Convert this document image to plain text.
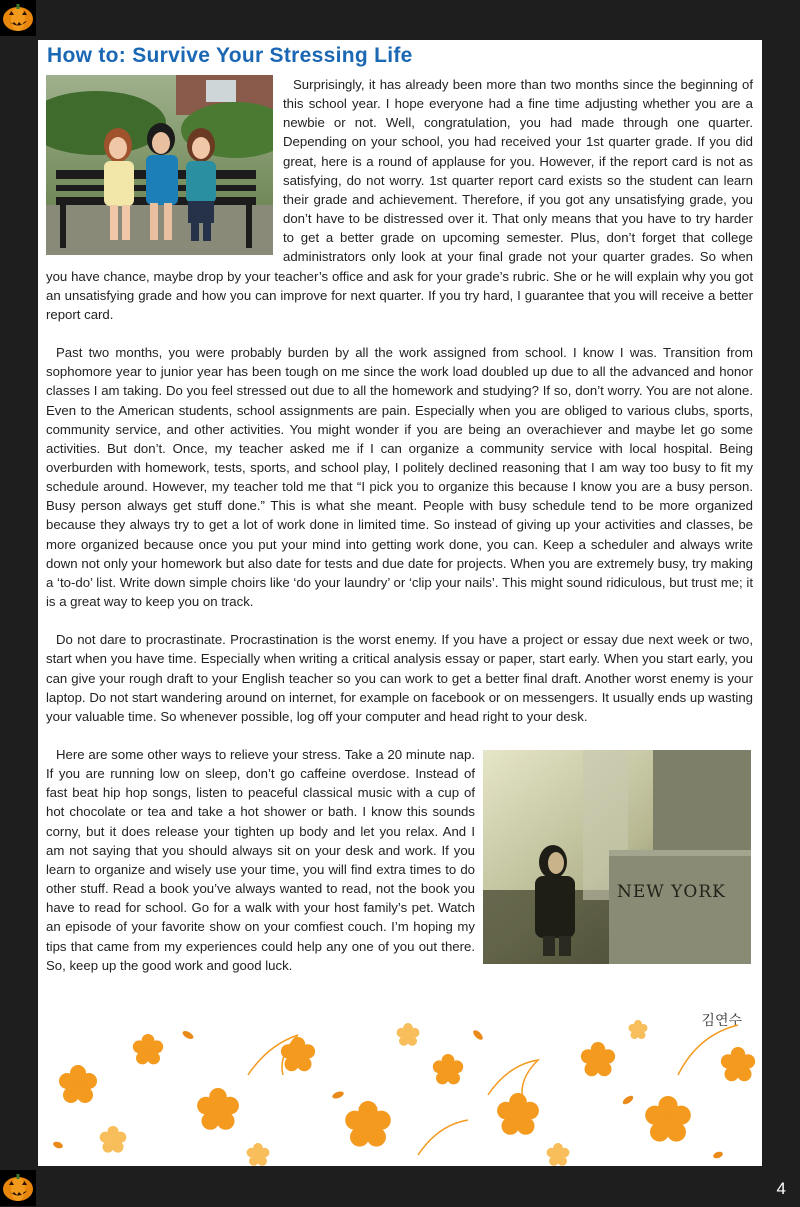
How to: Survive Your Stressing Life

Surprisingly, it has already been more than two months since the beginning of this school year. I hope everyone had a fine time adjusting whether you are a newbie or not. Well, congratulation, you had made through one quarter. Depending on your school, you had received your 1st quarter grade. If you did great, here is a round of applause for you. However, if the report card is not as satisfying, do not worry. 1st quarter report card exists so the student can learn their grade and achievement. Therefore, if you got any unsatisfying grade, you don’t have to be distressed over it. That only means that you have to try harder to get a better grade on upcoming semester. Plus, don’t forget that college administrators only look at your final grade not your quarter grades. So when you have chance, maybe drop by your teacher’s office and ask for your grade’s rubric. She or he will explain why you got an unsatisfying grade and how you can improve for next quarter. If you try hard, I guarantee that you will receive a better report card.

Past two months, you were probably burden by all the work assigned from school. I know I was. Transition from sophomore year to junior year has been tough on me since the work load doubled up due to all the advanced and honor classes I am taking. Do you feel stressed out due to all the homework and studying? If so, don’t worry. You are not alone. Even to the American students, school assignments are pain. Especially when you are obliged to various clubs, sports, community service, and other activities. You might wonder if you are being an overachiever and maybe let go some activities. But don’t. Once, my teacher asked me if I can organize a community service with local hospital. Being overburden with homework, tests, sports, and school play, I politely declined reasoning that I am way too busy to fit my schedule around. However, my teacher told me that “I pick you to organize this because I know you are a busy person. Busy person always get stuff done.” This is what she meant. People with busy schedule tend to be more organized because they always try to get a lot of work done in limited time. So instead of giving up your activities and classes, be more organized because once you put your mind into getting work done, you can. Keep a scheduler and always write down not only your homework but also date for tests and due date for projects. When you are extremely busy, try making a ‘to-do’ list. Write down simple choirs like ‘do your laundry’ or ‘clip your nails’. This might sound ridiculous, but trust me; it is a great way to keep you on track.

Do not dare to procrastinate. Procrastination is the worst enemy. If you have a project or essay due next week or two, start when you have time. Especially when writing a critical analysis essay or paper, start early. When you start early, you can give your rough draft to your English teacher so you can work to get a better final draft. Another worst enemy is your laptop. Do not start wandering around on internet, for example on facebook or on messengers. It usually ends up wasting your valuable time. So whenever possible, log off your computer and head right to your desk.

NEW YORK
Here are some other ways to relieve your stress. Take a 20 minute nap. If you are running low on sleep, don’t go caffeine overdose. Instead of fast beat hip hop songs, listen to peaceful classical music with a cup of hot chocolate or tea and take a hot shower or bath. I know this sounds corny, but it does release your tighten up body and let you relax. And I am not saying that you should always sit on your desk and work. If you learn to organize and wisely use your time, you will find extra times to do other stuff. Read a book you’ve always wanted to read, not the book you have to read for school. Go for a walk with your host family’s pet. Watch an episode of your favorite show on your comfiest couch. I’m hoping my tips that came from my experiences could help any one of you out there. So, keep up the good work and good luck.

김연수
4
